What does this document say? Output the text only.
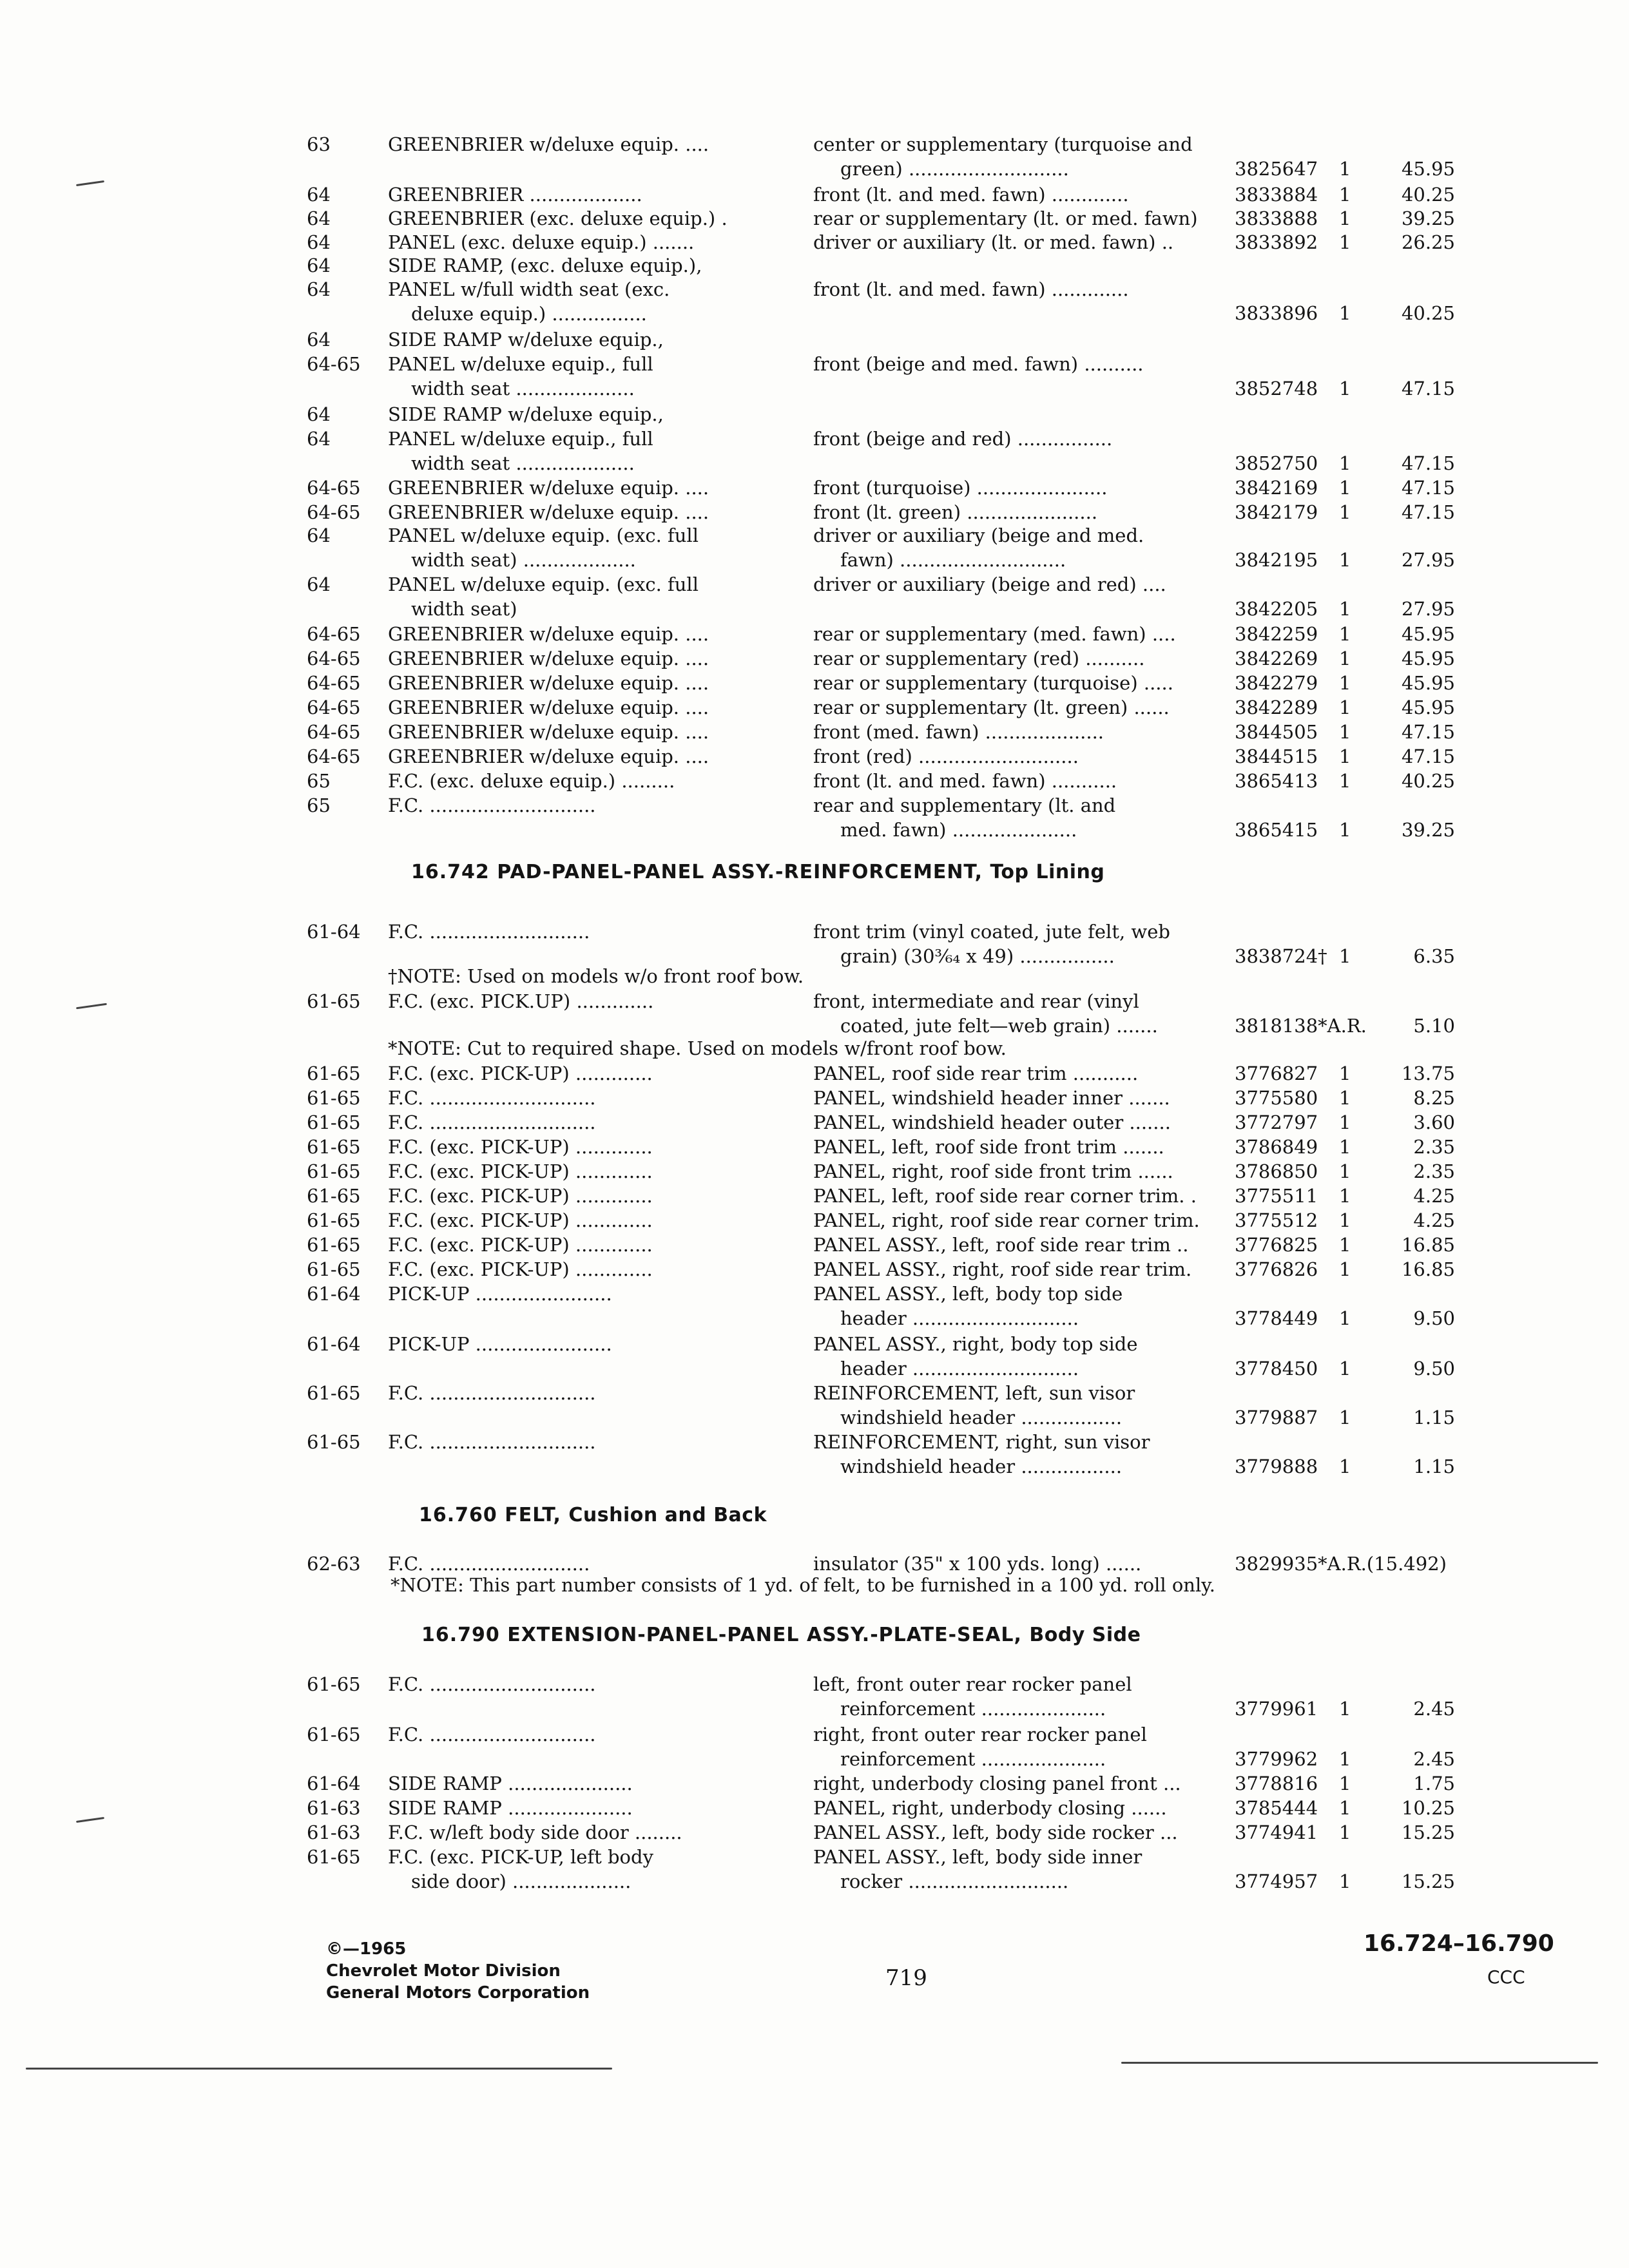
63	GREENBRIER w/deluxe equip. ....	center or supplementary (turquoise and
green) ...........................	3825647 1	45.95
64	GREENBRIER ...................	front (lt. and med. fawn) .............	3833884 1	40.25
64	GREENBRIER (exc. deluxe equip.) .	rear or supplementary (lt. or med. fawn) 3833888 1	39.25
64	PANEL (exc. deluxe equip.) .......	driver or auxiliary (lt. or med. fawn) ..	3833892 1	26.25
64	SIDE RAMP, (exc. deluxe equip.),
64	PANEL w/full width seat (exc.	front (lt. and med. fawn) .............
deluxe equip.) ................	3833896 1	40.25
64	SIDE RAMP w/deluxe equip.,
64-65 PANEL w/deluxe equip., full	front (beige and med. fawn) ..........
width seat ....................	3852748 1	47.15
64	SIDE RAMP w/deluxe equip.,
64	PANEL w/deluxe equip., full	front (beige and red) ................
width seat ....................	3852750 1	47.15
64-65 GREENBRIER w/deluxe equip. ....	front (turquoise) ......................	3842169 1	47.15
64-65 GREENBRIER w/deluxe equip. ....	front (lt. green) ......................	3842179 1	47.15
64	PANEL w/deluxe equip. (exc. full	driver or auxiliary (beige and med.
width seat) ...................	fawn) ............................	3842195 1	27.95
64	PANEL w/deluxe equip. (exc. full	driver or auxiliary (beige and red) ....
width seat)	3842205 1	27.95
64-65 GREENBRIER w/deluxe equip. ....	rear or supplementary (med. fawn) ....	3842259 1	45.95
64-65 GREENBRIER w/deluxe equip. ....	rear or supplementary (red) ..........	3842269 1	45.95
64-65 GREENBRIER w/deluxe equip. ....	rear or supplementary (turquoise) .....	3842279 1	45.95
64-65 GREENBRIER w/deluxe equip. ....	rear or supplementary (lt. green) ......	3842289 1	45.95
64-65 GREENBRIER w/deluxe equip. ....	front (med. fawn) ....................	3844505 1	47.15
64-65 GREENBRIER w/deluxe equip. ....	front (red) ...........................	3844515 1	47.15
65	F.C. (exc. deluxe equip.) .........	front (lt. and med. fawn) ...........	3865413 1	40.25
65	F.C. ............................	rear and supplementary (lt. and
med. fawn) .....................	3865415 1	39.25
61-64 F.C. ...........................	front trim (vinyl coated, jute felt, web
grain) (30³⁄₆₄ x 49) ................	3838724† 1	6.35
61-65 F.C. (exc. PICK.UP) .............	front, intermediate and rear (vinyl
coated, jute felt—web grain) .......	3818138*A.R.	5.10
61-65 F.C. (exc. PICK-UP) .............	PANEL, roof side rear trim ...........	3776827 1	13.75
61-65 F.C. ............................	PANEL, windshield header inner .......	3775580 1	8.25
61-65 F.C. ............................	PANEL, windshield header outer .......	3772797 1	3.60
61-65 F.C. (exc. PICK-UP) .............	PANEL, left, roof side front trim .......	3786849 1	2.35
61-65 F.C. (exc. PICK-UP) .............	PANEL, right, roof side front trim ......	3786850 1	2.35
61-65 F.C. (exc. PICK-UP) .............	PANEL, left, roof side rear corner trim. . 3775511 1	4.25
61-65 F.C. (exc. PICK-UP) .............	PANEL, right, roof side rear corner trim. 3775512 1	4.25
61-65 F.C. (exc. PICK-UP) .............	PANEL ASSY., left, roof side rear trim .. 3776825 1	16.85
61-65 F.C. (exc. PICK-UP) .............	PANEL ASSY., right, roof side rear trim. 3776826 1	16.85
61-64 PICK-UP .......................	PANEL ASSY., left, body top side
header ............................	3778449 1	9.50
61-64 PICK-UP .......................	PANEL ASSY., right, body top side
header ............................	3778450 1	9.50
61-65 F.C. ............................	REINFORCEMENT, left, sun visor
windshield header .................	3779887 1	1.15
61-65 F.C. ............................	REINFORCEMENT, right, sun visor
windshield header .................	3779888 1	1.15
62-63 F.C. ...........................	insulator (35" x 100 yds. long) ......	3829935*A.R.(15.492)
61-65 F.C. ............................	left, front outer rear rocker panel
reinforcement .....................	3779961 1	2.45
61-65 F.C. ............................	right, front outer rear rocker panel
reinforcement .....................	3779962 1	2.45
61-64 SIDE RAMP .....................	right, underbody closing panel front ...	3778816 1	1.75
61-63 SIDE RAMP .....................	PANEL, right, underbody closing ......	3785444 1	10.25
61-63 F.C. w/left body side door ........	PANEL ASSY., left, body side rocker ...	3774941 1	15.25
61-65 F.C. (exc. PICK-UP, left body	PANEL ASSY., left, body side inner
side door) ....................	rocker ...........................	3774957 1	15.25
16.742 PAD-PANEL-PANEL ASSY.-REINFORCEMENT, Top Lining
16.760 FELT, Cushion and Back
16.790 EXTENSION-PANEL-PANEL ASSY.-PLATE-SEAL, Body Side
†NOTE: Used on models w/o front roof bow.
*NOTE: Cut to required shape. Used on models w/front roof bow.
*NOTE: This part number consists of 1 yd. of felt, to be furnished in a 100 yd. roll only.
©—1965
Chevrolet Motor Division
General Motors Corporation
719
16.724–16.790
CCC
